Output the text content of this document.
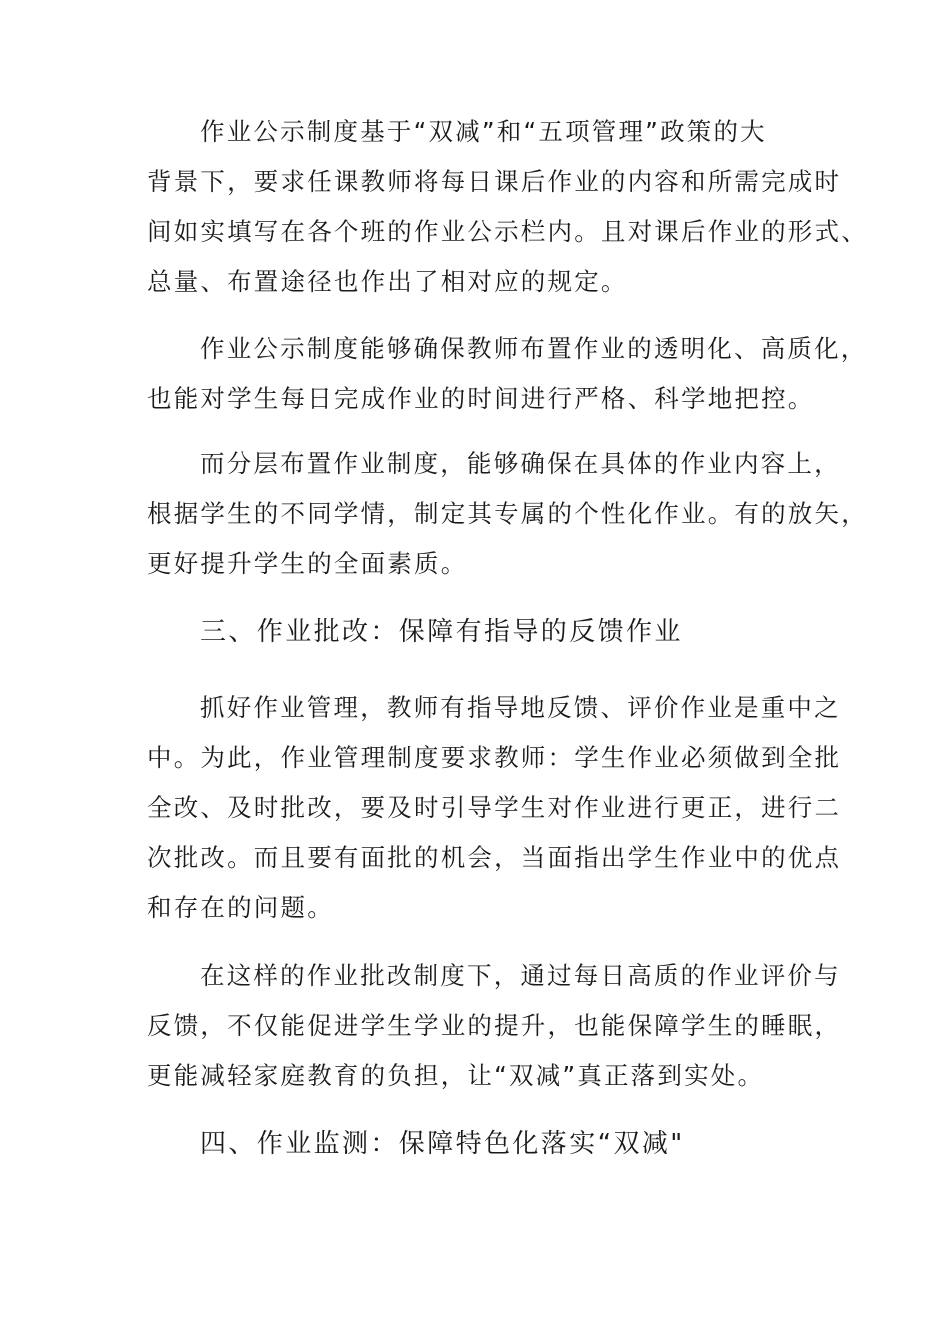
作业公示制度基于“双减”和“五项管理”政策的大
背景下，要求任课教师将每日课后作业的内容和所需完成时
间如实填写在各个班的作业公示栏内。且对课后作业的形式、
总量、布置途径也作出了相对应的规定。
作业公示制度能够确保教师布置作业的透明化、高质化，
也能对学生每日完成作业的时间进行严格、科学地把控。
而分层布置作业制度，能够确保在具体的作业内容上，
根据学生的不同学情，制定其专属的个性化作业。有的放矢，
更好提升学生的全面素质。
三、作业批改：保障有指导的反馈作业
抓好作业管理，教师有指导地反馈、评价作业是重中之
中。为此，作业管理制度要求教师：学生作业必须做到全批
全改、及时批改，要及时引导学生对作业进行更正，进行二
次批改。而且要有面批的机会，当面指出学生作业中的优点
和存在的问题。
在这样的作业批改制度下，通过每日高质的作业评价与
反馈，不仅能促进学生学业的提升，也能保障学生的睡眠，
更能减轻家庭教育的负担，让“双减”真正落到实处。
四、作业监测：保障特色化落实“双减"
